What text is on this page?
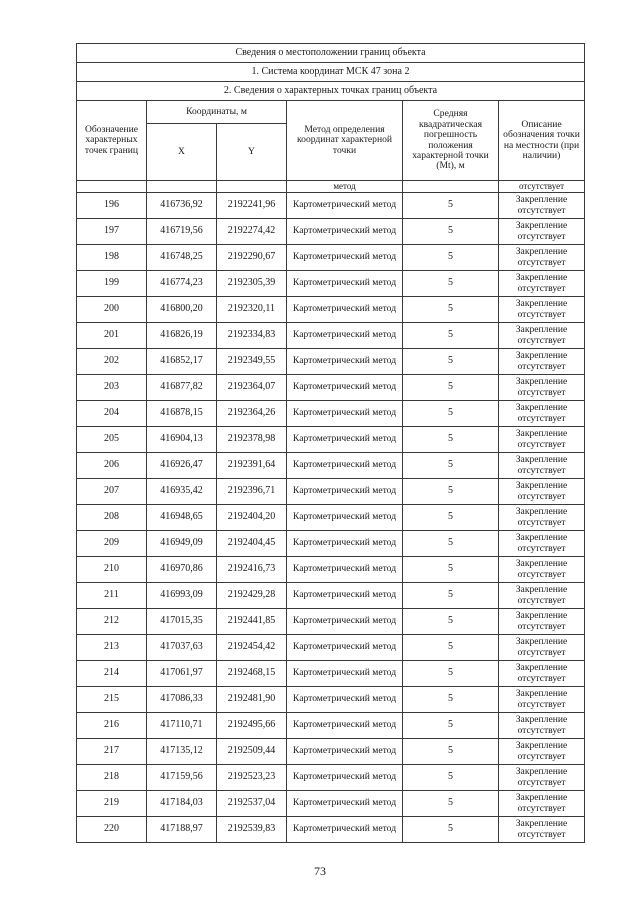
Сведения о местоположении границ объекта					
1. Система координат МСК 47 зона 2					
2. Сведения о характерных точках границ объекта					
Обозначение характерных точек границ	Координаты, м		Метод определения координат характерной точки	Средняя квадратическая погрешность положения характерной точки (Mt), м	Описание обозначения точки на местности (при наличии)
	X	Y			
			метод		отсутствует
196	416736,92	2192241,96	Картометрический метод	5	Закрепление отсутствует
197	416719,56	2192274,42	Картометрический метод	5	Закрепление отсутствует
198	416748,25	2192290,67	Картометрический метод	5	Закрепление отсутствует
199	416774,23	2192305,39	Картометрический метод	5	Закрепление отсутствует
200	416800,20	2192320,11	Картометрический метод	5	Закрепление отсутствует
201	416826,19	2192334,83	Картометрический метод	5	Закрепление отсутствует
202	416852,17	2192349,55	Картометрический метод	5	Закрепление отсутствует
203	416877,82	2192364,07	Картометрический метод	5	Закрепление отсутствует
204	416878,15	2192364,26	Картометрический метод	5	Закрепление отсутствует
205	416904,13	2192378,98	Картометрический метод	5	Закрепление отсутствует
206	416926,47	2192391,64	Картометрический метод	5	Закрепление отсутствует
207	416935,42	2192396,71	Картометрический метод	5	Закрепление отсутствует
208	416948,65	2192404,20	Картометрический метод	5	Закрепление отсутствует
209	416949,09	2192404,45	Картометрический метод	5	Закрепление отсутствует
210	416970,86	2192416,73	Картометрический метод	5	Закрепление отсутствует
211	416993,09	2192429,28	Картометрический метод	5	Закрепление отсутствует
212	417015,35	2192441,85	Картометрический метод	5	Закрепление отсутствует
213	417037,63	2192454,42	Картометрический метод	5	Закрепление отсутствует
214	417061,97	2192468,15	Картометрический метод	5	Закрепление отсутствует
215	417086,33	2192481,90	Картометрический метод	5	Закрепление отсутствует
216	417110,71	2192495,66	Картометрический метод	5	Закрепление отсутствует
217	417135,12	2192509,44	Картометрический метод	5	Закрепление отсутствует
218	417159,56	2192523,23	Картометрический метод	5	Закрепление отсутствует
219	417184,03	2192537,04	Картометрический метод	5	Закрепление отсутствует
220	417188,97	2192539,83	Картометрический метод	5	Закрепление отсутствует
73
